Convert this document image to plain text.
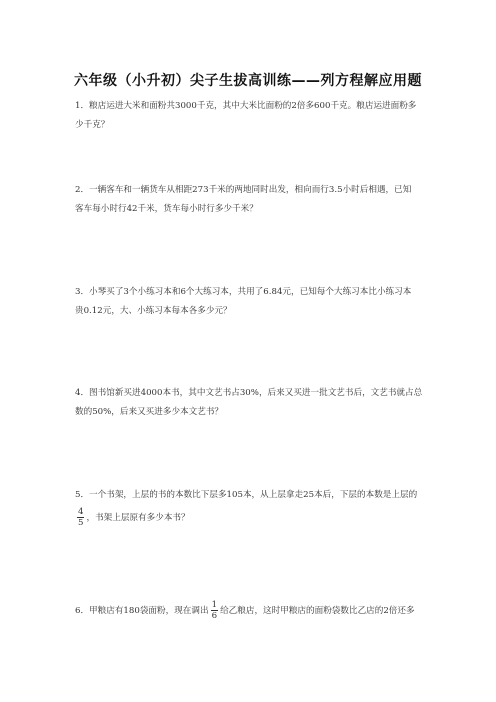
六年级（小升初）尖子生拔高训练——列方程解应用题
1．粮店运进大米和面粉共3000千克，其中大米比面粉的2倍多600千克。粮店运进面粉多
少千克？
2．一辆客车和一辆货车从相距273千米的两地同时出发，相向而行3.5小时后相遇，已知
客车每小时行42千米，货车每小时行多少千米？
3．小琴买了3个小练习本和6个大练习本，共用了6.84元，已知每个大练习本比小练习本
贵0.12元，大、小练习本每本各多少元？
4．图书馆新买进4000本书，其中文艺书占30%，后来又买进一批文艺书后，文艺书就占总
数的50%，后来又买进多少本文艺书？
5．一个书架，上层的书的本数比下层多105本，从上层拿走25本后，下层的本数是上层的
$\frac{4}{5}$ ，书架上层原有多少本书？
6．甲粮店有180袋面粉，现在调出 $\frac{1}{6}$ 给乙粮店，这时甲粮店的面粉袋数比乙店的2倍还多
